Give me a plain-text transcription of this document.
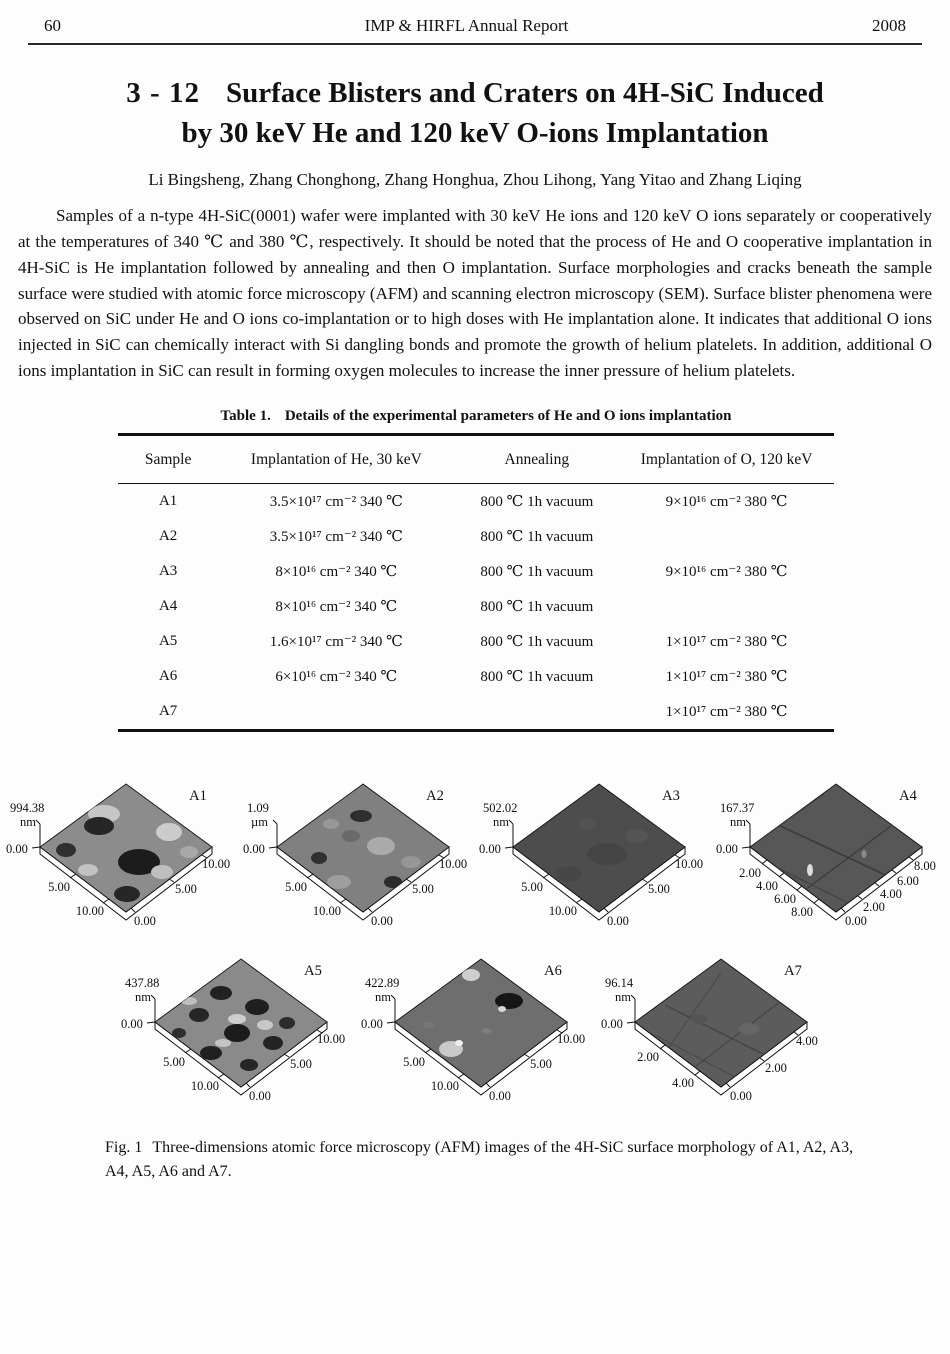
60	IMP & HIRFL Annual Report	2008
3 - 12 Surface Blisters and Craters on 4H-SiC Induced
by 30 keV He and 120 keV O-ions Implantation
Li Bingsheng, Zhang Chonghong, Zhang Honghua, Zhou Lihong, Yang Yitao and Zhang Liqing
Samples of a n-type 4H-SiC(0001) wafer were implanted with 30 keV He ions and 120 keV O ions separately or cooperatively at the temperatures of 340 ℃ and 380 ℃, respectively. It should be noted that the process of He and O cooperative implantation in 4H-SiC is He implantation followed by annealing and then O implantation. Surface morphologies and cracks beneath the sample surface were studied with atomic force microscopy (AFM) and scanning electron microscopy (SEM). Surface blister phenomena were observed on SiC under He and O ions co-implantation or to high doses with He implantation alone. It indicates that additional O ions injected in SiC can chemically interact with Si dangling bonds and promote the growth of helium platelets. In addition, additional O ions implantation in SiC can result in forming oxygen molecules to increase the inner pressure of helium platelets.
Table 1. Details of the experimental parameters of He and O ions implantation
Sample	Implantation of He, 30 keV	Annealing	Implantation of O, 120 keV
A1	3.5×10¹⁷ cm⁻² 340 ℃	800 ℃ 1h vacuum	9×10¹⁶ cm⁻² 380 ℃
A2	3.5×10¹⁷ cm⁻² 340 ℃	800 ℃ 1h vacuum	
A3	8×10¹⁶ cm⁻² 340 ℃	800 ℃ 1h vacuum	9×10¹⁶ cm⁻² 380 ℃
A4	8×10¹⁶ cm⁻² 340 ℃	800 ℃ 1h vacuum	
A5	1.6×10¹⁷ cm⁻² 340 ℃	800 ℃ 1h vacuum	1×10¹⁷ cm⁻² 380 ℃
A6	6×10¹⁶ cm⁻² 340 ℃	800 ℃ 1h vacuum	1×10¹⁷ cm⁻² 380 ℃
A7			1×10¹⁷ cm⁻² 380 ℃
994.38
nm
0.00
5.00
10.00
0.00
5.00
10.00
A1
1.09
µm
0.00
5.00
10.00
0.00
5.00
10.00
A2
502.02
nm
0.00
5.00
10.00
0.00
5.00
10.00
A3
167.37
nm
0.00
2.00
4.00
6.00
8.00
0.00
2.00
4.00
6.00
8.00
A4
437.88
nm
0.00
5.00
10.00
0.00
5.00
10.00
A5
422.89
nm
0.00
5.00
10.00
0.00
5.00
10.00
A6
96.14
nm
0.00
2.00
4.00
0.00
2.00
4.00
A7
Fig. 1 Three-dimensions atomic force microscopy (AFM) images of the 4H-SiC surface morphology of A1, A2, A3, A4, A5, A6 and A7.
